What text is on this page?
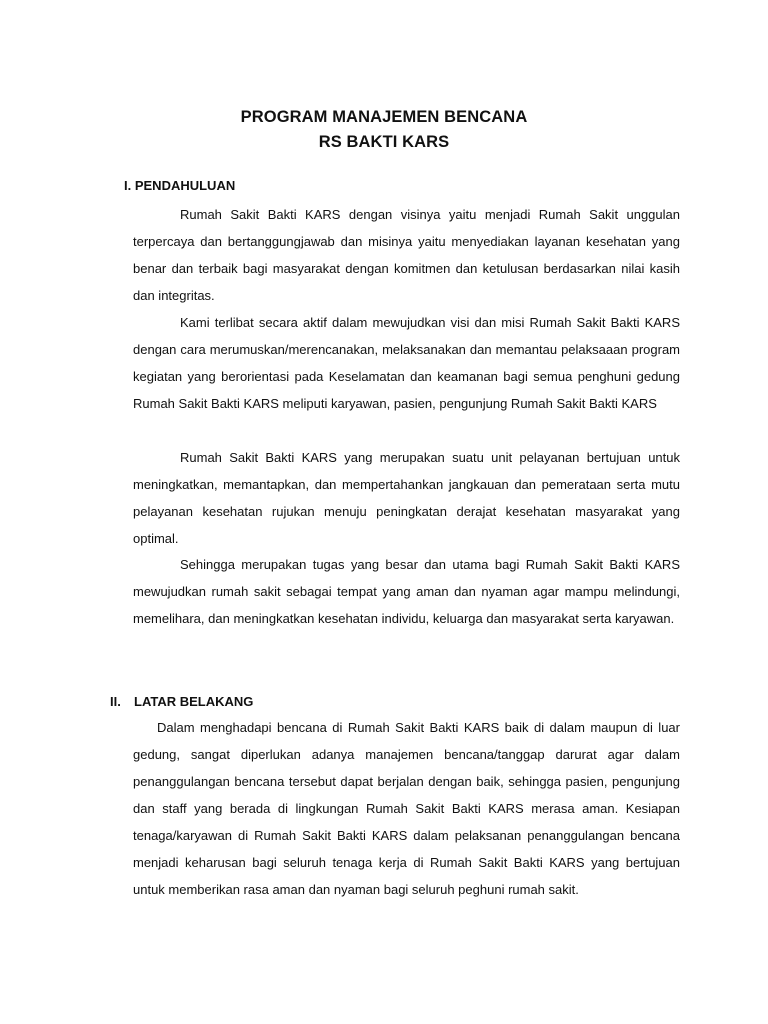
PROGRAM MANAJEMEN BENCANA
RS BAKTI KARS
I. PENDAHULUAN

Rumah Sakit Bakti KARS dengan visinya yaitu menjadi Rumah Sakit unggulan terpercaya dan bertanggungjawab dan misinya yaitu menyediakan layanan kesehatan yang benar dan terbaik bagi masyarakat dengan komitmen dan ketulusan berdasarkan nilai kasih dan integritas.

Kami terlibat secara aktif dalam mewujudkan visi dan misi Rumah Sakit Bakti KARS dengan cara merumuskan/merencanakan, melaksanakan dan memantau pelaksaaan program kegiatan yang berorientasi pada Keselamatan dan keamanan bagi semua penghuni gedung Rumah Sakit Bakti KARS meliputi karyawan, pasien, pengunjung Rumah Sakit Bakti KARS

Rumah Sakit Bakti KARS yang merupakan suatu unit pelayanan bertujuan untuk meningkatkan, memantapkan, dan mempertahankan jangkauan dan pemerataan serta mutu pelayanan kesehatan rujukan menuju peningkatan derajat kesehatan masyarakat yang optimal.

Sehingga merupakan tugas yang besar dan utama bagi Rumah Sakit Bakti KARS mewujudkan rumah sakit sebagai tempat yang aman dan nyaman agar mampu melindungi, memelihara, dan meningkatkan kesehatan individu, keluarga dan masyarakat serta karyawan.

II. LATAR BELAKANG

Dalam menghadapi bencana di Rumah Sakit Bakti KARS baik di dalam maupun di luar gedung, sangat diperlukan adanya manajemen bencana/tanggap darurat agar dalam penanggulangan bencana tersebut dapat berjalan dengan baik, sehingga pasien, pengunjung dan staff yang berada di lingkungan Rumah Sakit Bakti KARS merasa aman. Kesiapan tenaga/karyawan di Rumah Sakit Bakti KARS dalam pelaksanan penanggulangan bencana menjadi keharusan bagi seluruh tenaga kerja di Rumah Sakit Bakti KARS yang bertujuan untuk memberikan rasa aman dan nyaman bagi seluruh peghuni rumah sakit.
